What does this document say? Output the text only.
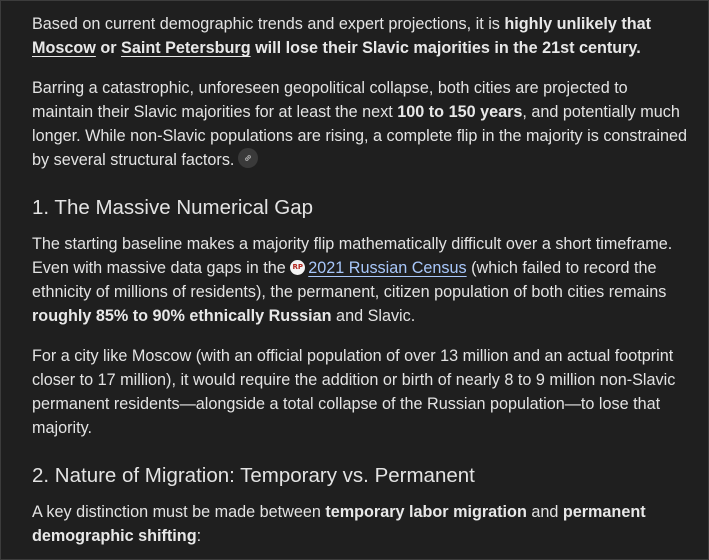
Based on current demographic trends and expert projections, it is highly unlikely that Moscow or Saint Petersburg will lose their Slavic majorities in the 21st century.

Barring a catastrophic, unforeseen geopolitical collapse, both cities are projected to maintain their Slavic majorities for at least the next 100 to 150 years, and potentially much longer. While non-Slavic populations are rising, a complete flip in the majority is constrained by several structural factors.

1. The Massive Numerical Gap

The starting baseline makes a majority flip mathematically difficult over a short timeframe. Even with massive data gaps in the RP 2021 Russian Census (which failed to record the ethnicity of millions of residents), the permanent, citizen population of both cities remains roughly 85% to 90% ethnically Russian and Slavic.

For a city like Moscow (with an official population of over 13 million and an actual footprint closer to 17 million), it would require the addition or birth of nearly 8 to 9 million non-Slavic permanent residents—alongside a total collapse of the Russian population—to lose that majority.

2. Nature of Migration: Temporary vs. Permanent

A key distinction must be made between temporary labor migration and permanent demographic shifting:
